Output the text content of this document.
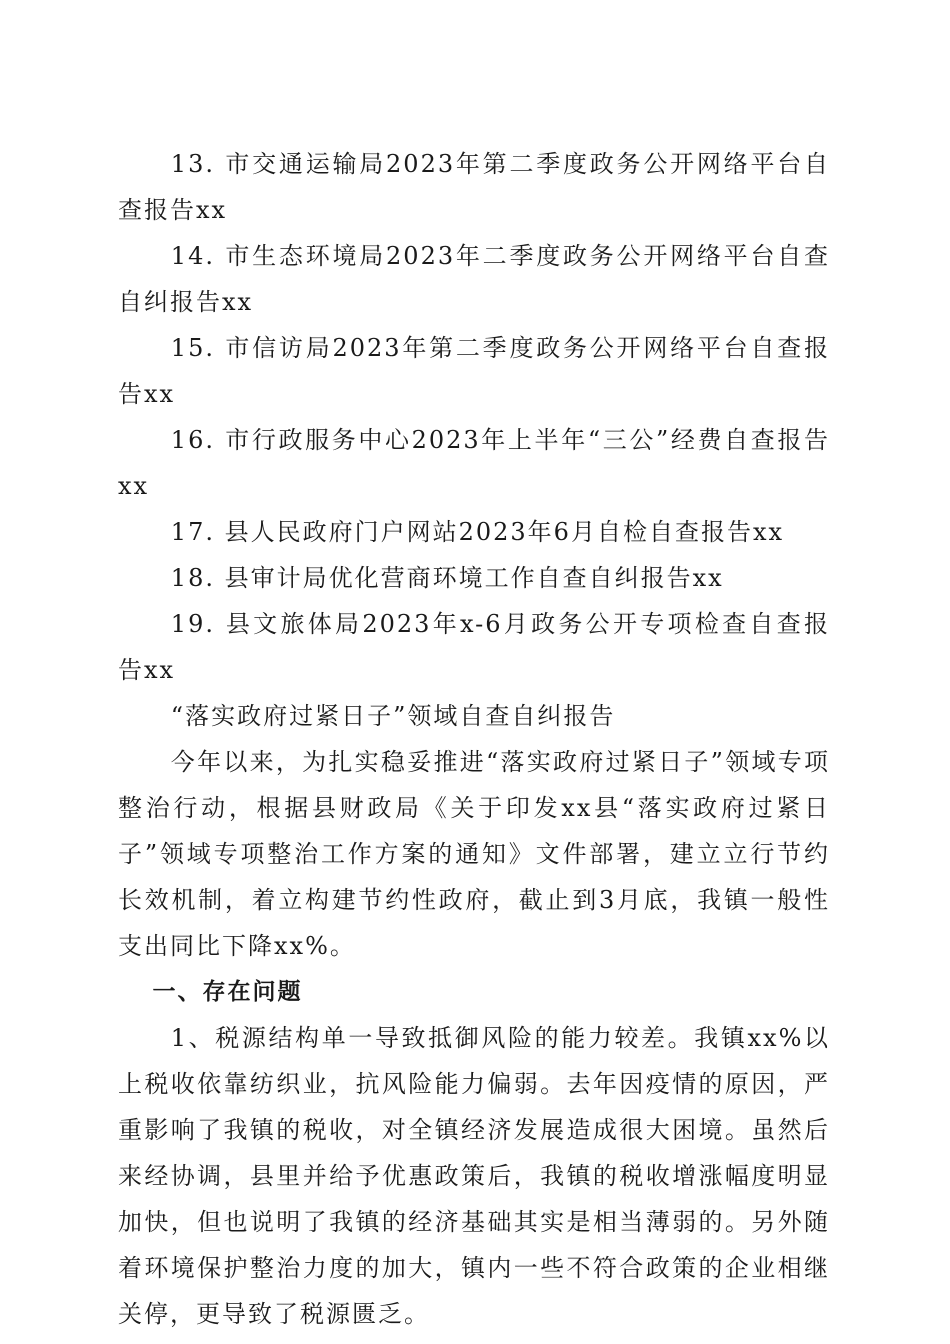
13. 市交通运输局2023年第二季度政务公开网络平台自查报告xx

14. 市生态环境局2023年二季度政务公开网络平台自查自纠报告xx

15. 市信访局2023年第二季度政务公开网络平台自查报告xx

16. 市行政服务中心2023年上半年“三公”经费自查报告xx

17. 县人民政府门户网站2023年6月自检自查报告xx

18. 县审计局优化营商环境工作自查自纠报告xx

19. 县文旅体局2023年x-6月政务公开专项检查自查报告xx

“落实政府过紧日子”领域自查自纠报告

今年以来，为扎实稳妥推进“落实政府过紧日子”领域专项整治行动，根据县财政局《关于印发xx县“落实政府过紧日子”领域专项整治工作方案的通知》文件部署，建立立行节约长效机制，着立构建节约性政府，截止到3月底，我镇一般性支出同比下降xx%。

一、存在问题

1、税源结构单一导致抵御风险的能力较差。我镇xx%以上税收依靠纺织业，抗风险能力偏弱。去年因疫情的原因，严重影响了我镇的税收，对全镇经济发展造成很大困境。虽然后来经协调，县里并给予优惠政策后，我镇的税收增涨幅度明显加快，但也说明了我镇的经济基础其实是相当薄弱的。另外随着环境保护整治力度的加大，镇内一些不符合政策的企业相继关停，更导致了税源匮乏。
